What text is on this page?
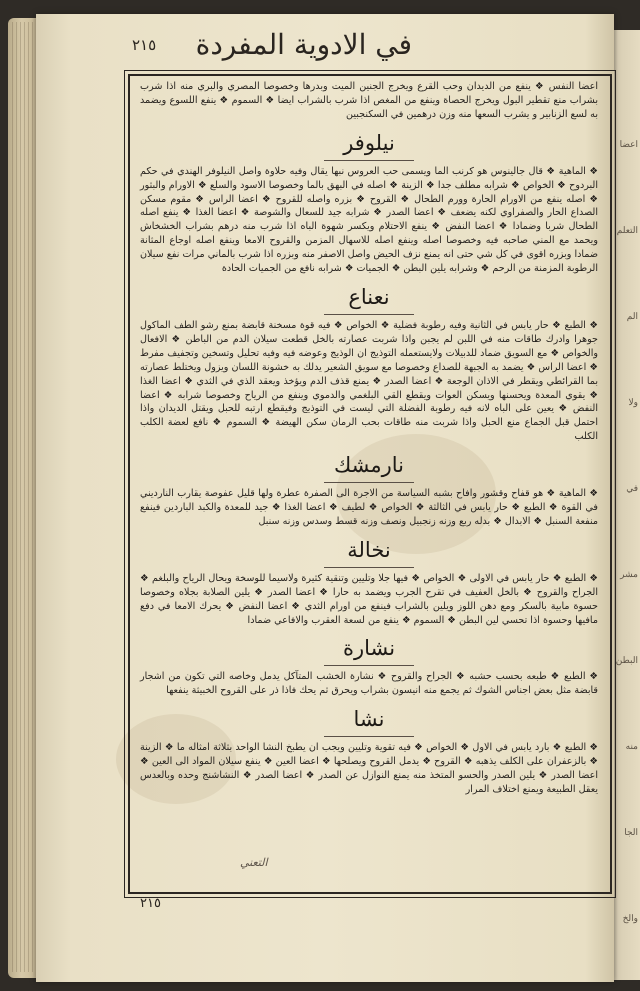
اعضا
التعلم
الم
ولا
في
مشر
البطن
منه
الجا
والخ
في الادوية المفردة
٢١٥
اعضا النفس ❖ ينفع من الديدان وحب القرع ويخرج الجنين الميت وبدرها وخصوصا المصري والبري منه اذا شرب بشراب منع تقطير البول ويخرج الحصاة وينفع من المغص اذا شرب بالشراب ايضا ❖ السموم ❖ ينفع اللسوع ويضمد به لسع الزنابير و يشرب السعها منه وزن درهمين في السكنجبين
نيلوفر
❖ الماهية ❖ قال جالينوس هو كرنب الما ويسمى حب العروس نبها يقال وفيه حلاوة واصل النيلوفر الهندي في حكم البردوح ❖ الخواص ❖ شرابه مطلف جدا ❖ الزينة ❖ اصله في البهق بالما وخصوصا الاسود والسلع ❖ الاورام والبثور ❖ اصله ينفع من الاورام الحارة وورم الطحال ❖ القروح ❖ بزره واصله للقروح ❖ اعضا الراس ❖ مقوم مسكن الصداع الحار والصفراوي لكنه يضعف ❖ اعضا الصدر ❖ شرابه جيد للسعال والشوصة ❖ اعضا الغذا ❖ ينفع اصله الطحال شربا وضمادا ❖ اعضا النفض ❖ ينفع الاحتلام ويكسر شهوة الباه اذا شرب منه درهم بشراب الخشخاش ويحمد مع المني صاحبه فيه وخصوصا اصله وينفع اصله للاسهال المزمن والقروح الامعا وينفع اصله اوجاع المثانة ضمادا وبزره اقوى في كل شي حتى انه يمنع نزف الحيض واصل الاصفر منه وبزره اذا شرب بالماني مرات نفع سيلان الرطوبة المزمنة من الرحم ❖ وشرابه يلين البطن ❖ الجميات ❖ شرابه نافع من الجميات الحادة
نعناع
❖ الطبع ❖ حار يابس في الثانية وفيه رطوبة فضلية ❖ الخواص ❖ فيه قوة مسخنة قابضة بمنع رشو الطف الماكول جوهرا وادرك طاقات منه في اللبن لم يجبن واذا شربت عصارته بالخل قطعت سيلان الدم من الباطن ❖ الافعال والخواص ❖ مع السويق ضماد للدبيلات ولايستعمله التوذيج ان الوذيج وعوضه فيه وفيه تحليل وتسخين وتجفيف مفرط ❖ اعضا الراس ❖ يضمد به الجبهة للصداع وخصوصا مع سويق الشعير يدلك به خشونة اللسان ويزول ويختلط عصارته بما القرائطي ويقطر في الاذان الوجعة ❖ اعضا الصدر ❖ يمنع قذف الدم ويؤخذ ويعقد الذي في الثدي ❖ اعضا الغذا ❖ يقوي المعدة ويحسنها ويسكن العوات ويقطع القي البلغمي والدموي وينفع من الرياح وخصوصا شرابه ❖ اعضا النفض ❖ يعين على الباه لانه فيه رطوبة الفضلة التي ليست في التوذيج وفيقطع ارتبه للحبل ويقتل الديدان واذا احتمل قبل الجماع منع الحبل واذا شربت منه طاقات بحب الرمان سكن الهيضة ❖ السموم ❖ نافع لعضة الكلب الكلب
نارمشك
❖ الماهية ❖ هو قفاح وقشور وافاح بشبه السياسة من الاجرة الى الصفرة عطرة ولها قليل عفوصة يقارب النارديني في القوة ❖ الطبع ❖ حار يابس في الثالثة ❖ الخواص ❖ لطيف ❖ اعضا الغذا ❖ جيد للمعدة والكبد الباردين فينفع منفعة السنبل ❖ الابدال ❖ بدله ربع وزنه زنجبيل ونصف وزنه قسط وسدس وزنه سنبل
نخالة
❖ الطبع ❖ حار يابس في الاولى ❖ الخواص ❖ فيها جلا وتليين وتنقية كثيرة ولاسيما للوسخة ويحال الرياح والبلغم ❖ الجراح والقروح ❖ بالخل العفيف في تقرح الجرب ويضمد به حارا ❖ اعضا الصدر ❖ يلين الصلابة بجلاه وخصوصا حسوة مابية بالسكر ومع دهن اللوز ويلين بالشراب فينفع من اورام الثدي ❖ اعضا النفض ❖ يحرك الامعا في دفع مافيها وحسوة اذا تحسي لين البطن ❖ السموم ❖ ينفع من لسعة العقرب والافاعي ضمادا
نشارة
❖ الطبع ❖ طبعه بحسب حشبه ❖ الجراح والقروح ❖ نشارة الخشب المتآكل يدمل وخاصه التي تكون من اشجار قابضة مثل بعض اجناس الشوك ثم يجمع منه انيسون بشراب ويحرق ثم يحك فاذا ذر على القروح الخبيثة ينفعها
نشا
❖ الطبع ❖ بارد يابس في الاول ❖ الخواص ❖ فيه تقوية وتليين ويجب ان يطبخ النشا الواحد بثلاثة امثاله ما ❖ الزينة ❖ بالزعفران على الكلف يذهبه ❖ القروح ❖ يدمل القروح ويصلحها ❖ اعضا العين ❖ ينفع سيلان المواد الى العين ❖ اعضا الصدر ❖ يلين الصدر والحسو المتخذ منه يمنع النوازل عن الصدر ❖ اعضا الصدر ❖ النشاشنج وحده وبالعدس يعقل الطبيعة ويمنع اختلاف المرار
التعني
٢١٥
